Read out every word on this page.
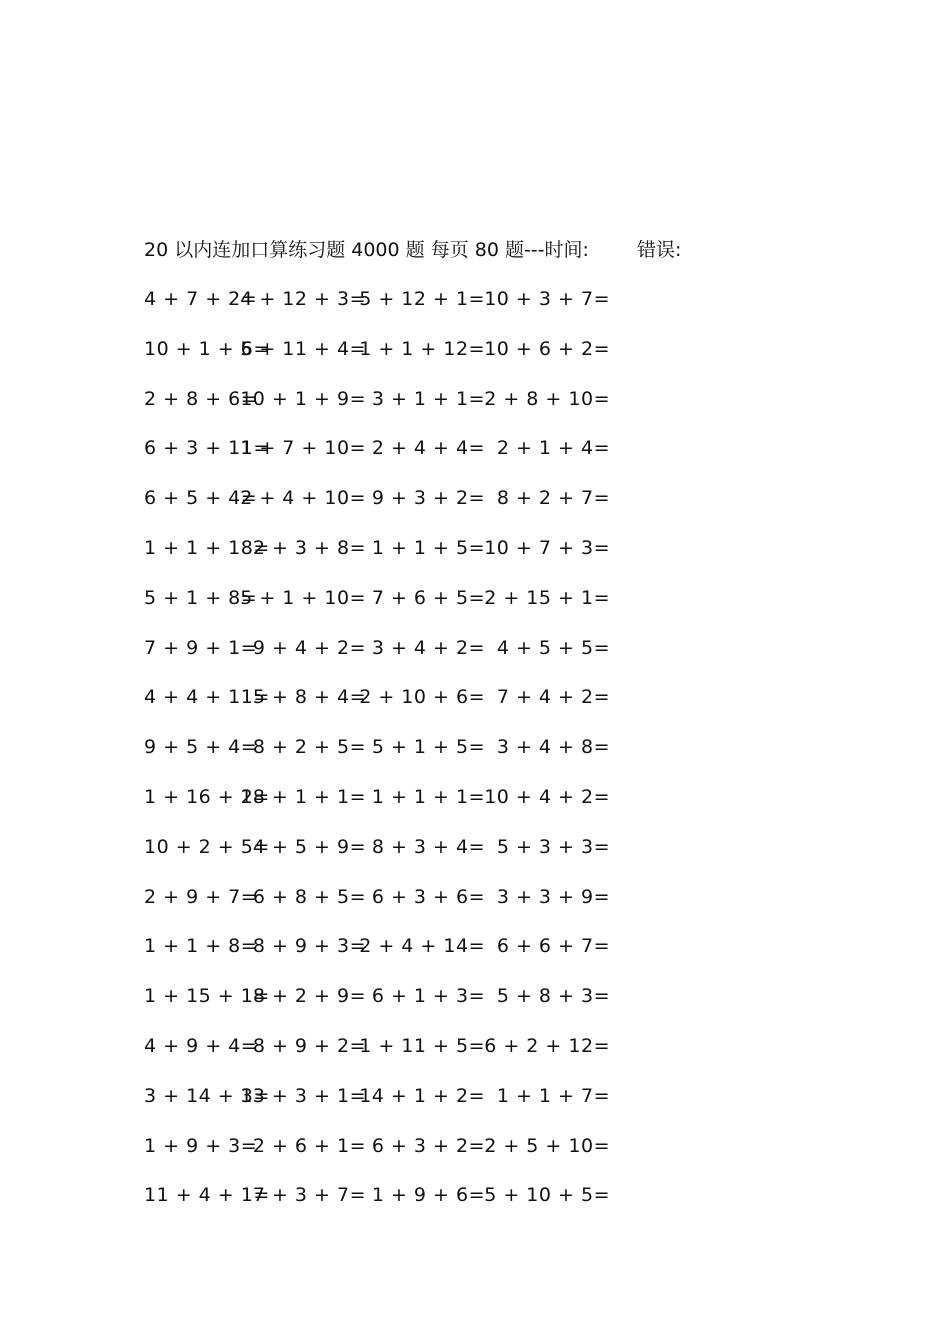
20 以内连加口算练习题 4000 题 每页 80 题---时间:	错误:
4 + 7 + 2=
4 + 12 + 3=
5 + 12 + 1= 10 + 3 + 7=
10 + 1 + 6=
5 + 11 + 4=
1 + 1 + 12= 10 + 6 + 2=
2 + 8 + 6=
10 + 1 + 9= 3 + 1 + 1= 2 + 8 + 10=
6 + 3 + 11=
1 + 7 + 10= 2 + 4 + 4= 2 + 1 + 4=
6 + 5 + 4=
2 + 4 + 10= 9 + 3 + 2= 8 + 2 + 7=
1 + 1 + 18=
2 + 3 + 8= 1 + 1 + 5= 10 + 7 + 3=
5 + 1 + 8=
5 + 1 + 10= 7 + 6 + 5= 2 + 15 + 1=
7 + 9 + 1=
9 + 4 + 2= 3 + 4 + 2= 4 + 5 + 5=
4 + 4 + 11=
5 + 8 + 4=
2 + 10 + 6= 7 + 4 + 2=
9 + 5 + 4=
8 + 2 + 5= 5 + 1 + 5= 3 + 4 + 8=
1 + 16 + 2=
18 + 1 + 1= 1 + 1 + 1= 10 + 4 + 2=
10 + 2 + 5=
4 + 5 + 9= 8 + 3 + 4= 5 + 3 + 3=
2 + 9 + 7=
6 + 8 + 5= 6 + 3 + 6= 3 + 3 + 9=
1 + 1 + 8=
8 + 9 + 3=
2 + 4 + 14= 6 + 6 + 7=
1 + 15 + 1=
8 + 2 + 9= 6 + 1 + 3= 5 + 8 + 3=
4 + 9 + 4=
8 + 9 + 2=
1 + 11 + 5= 6 + 2 + 12=
3 + 14 + 3=
13 + 3 + 1=
14 + 1 + 2= 1 + 1 + 7=
1 + 9 + 3=
2 + 6 + 1= 6 + 3 + 2= 2 + 5 + 10=
11 + 4 + 1=
7 + 3 + 7= 1 + 9 + 6= 5 + 10 + 5=
